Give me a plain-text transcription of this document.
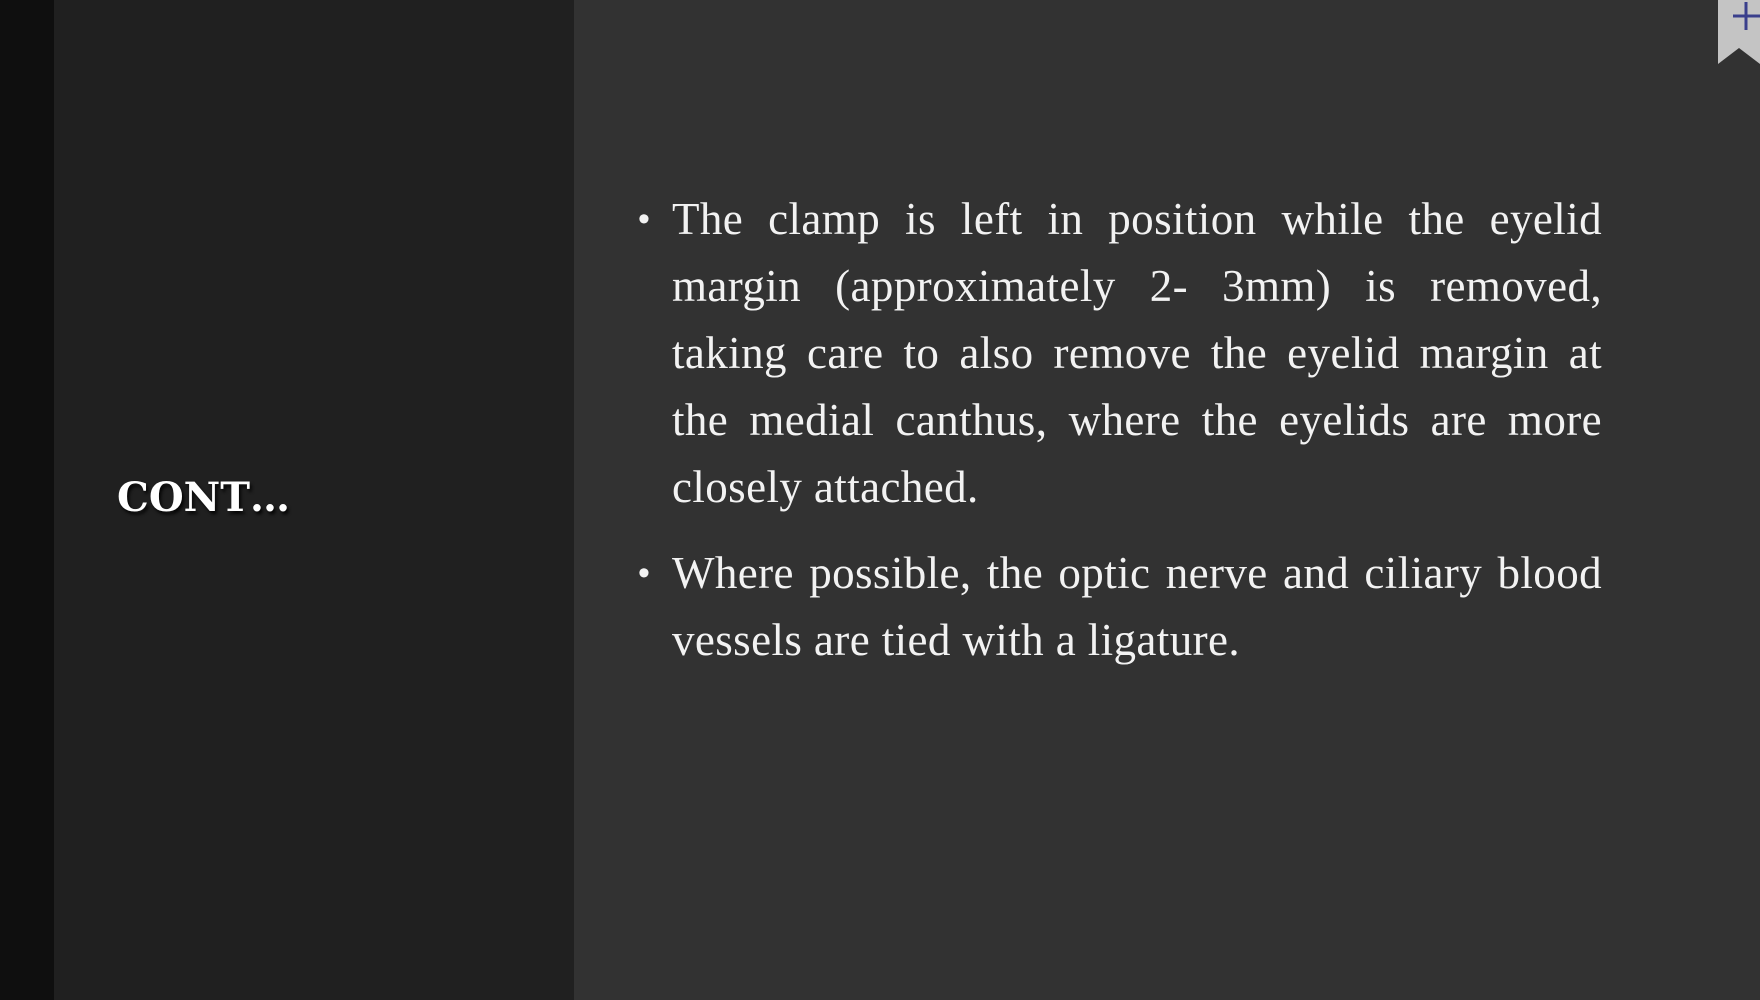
CONT…
• The clamp is left in position while the eyelid margin (approximately 2- 3mm) is removed, taking care to also remove the eyelid margin at the medial canthus, where the eyelids are more closely attached.
• Where possible, the optic nerve and ciliary blood vessels are tied with a ligature.
